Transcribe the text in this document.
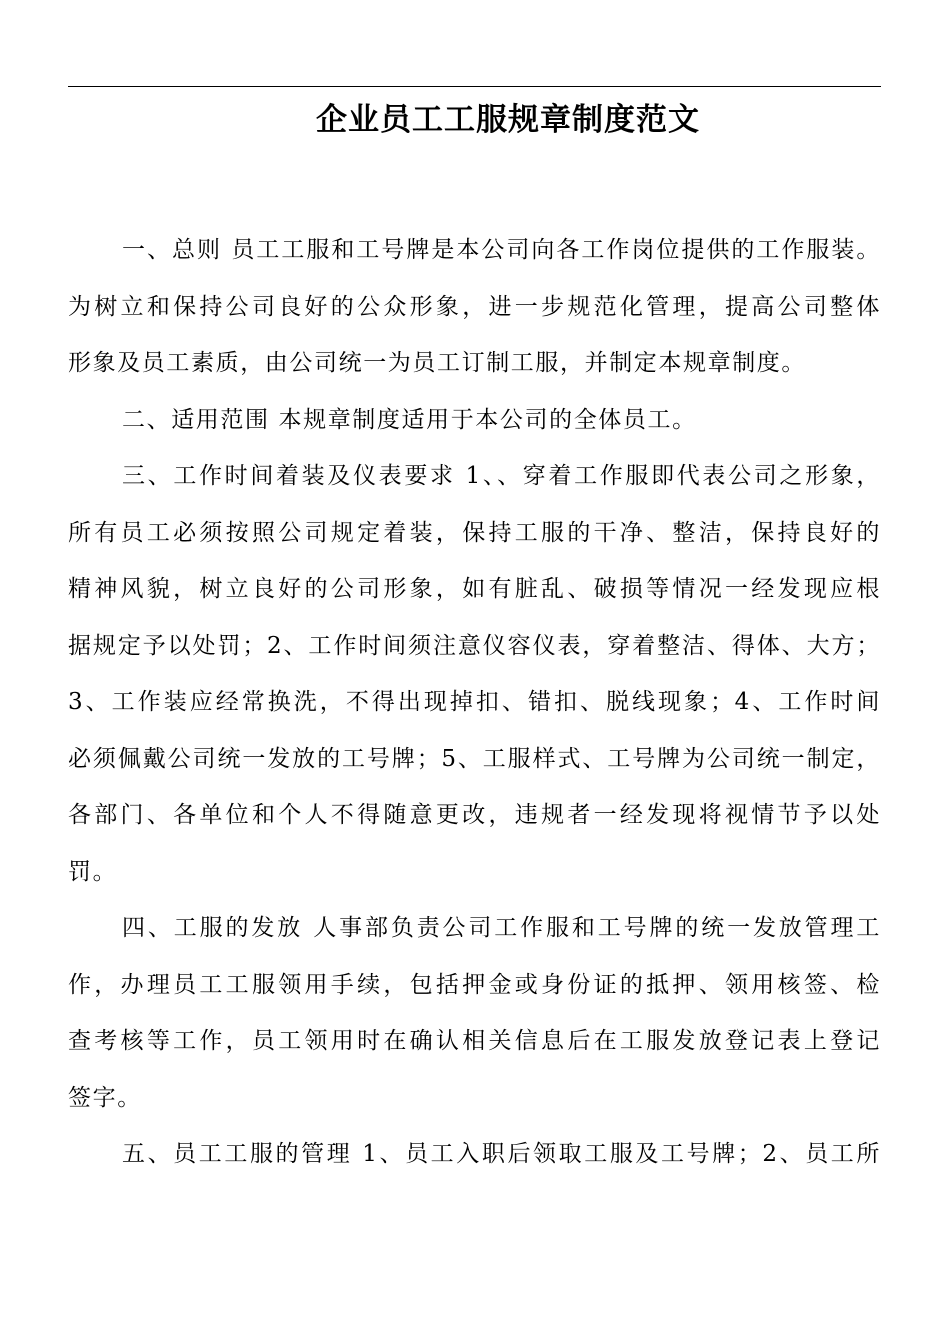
企业员工工服规章制度范文
一、总则 员工工服和工号牌是本公司向各工作岗位提供的工作服装。
为树立和保持公司良好的公众形象，进一步规范化管理，提高公司整体
形象及员工素质，由公司统一为员工订制工服，并制定本规章制度。
二、适用范围 本规章制度适用于本公司的全体员工。
三、工作时间着装及仪表要求 1、、穿着工作服即代表公司之形象，
所有员工必须按照公司规定着装，保持工服的干净、整洁，保持良好的
精神风貌，树立良好的公司形象，如有脏乱、破损等情况一经发现应根
据规定予以处罚；2、工作时间须注意仪容仪表，穿着整洁、得体、大方；
3、工作装应经常换洗，不得出现掉扣、错扣、脱线现象；4、工作时间
必须佩戴公司统一发放的工号牌；5、工服样式、工号牌为公司统一制定，
各部门、各单位和个人不得随意更改，违规者一经发现将视情节予以处
罚。
四、工服的发放 人事部负责公司工作服和工号牌的统一发放管理工
作，办理员工工服领用手续，包括押金或身份证的抵押、领用核签、检
查考核等工作，员工领用时在确认相关信息后在工服发放登记表上登记
签字。
五、员工工服的管理 1、员工入职后领取工服及工号牌；2、员工所
